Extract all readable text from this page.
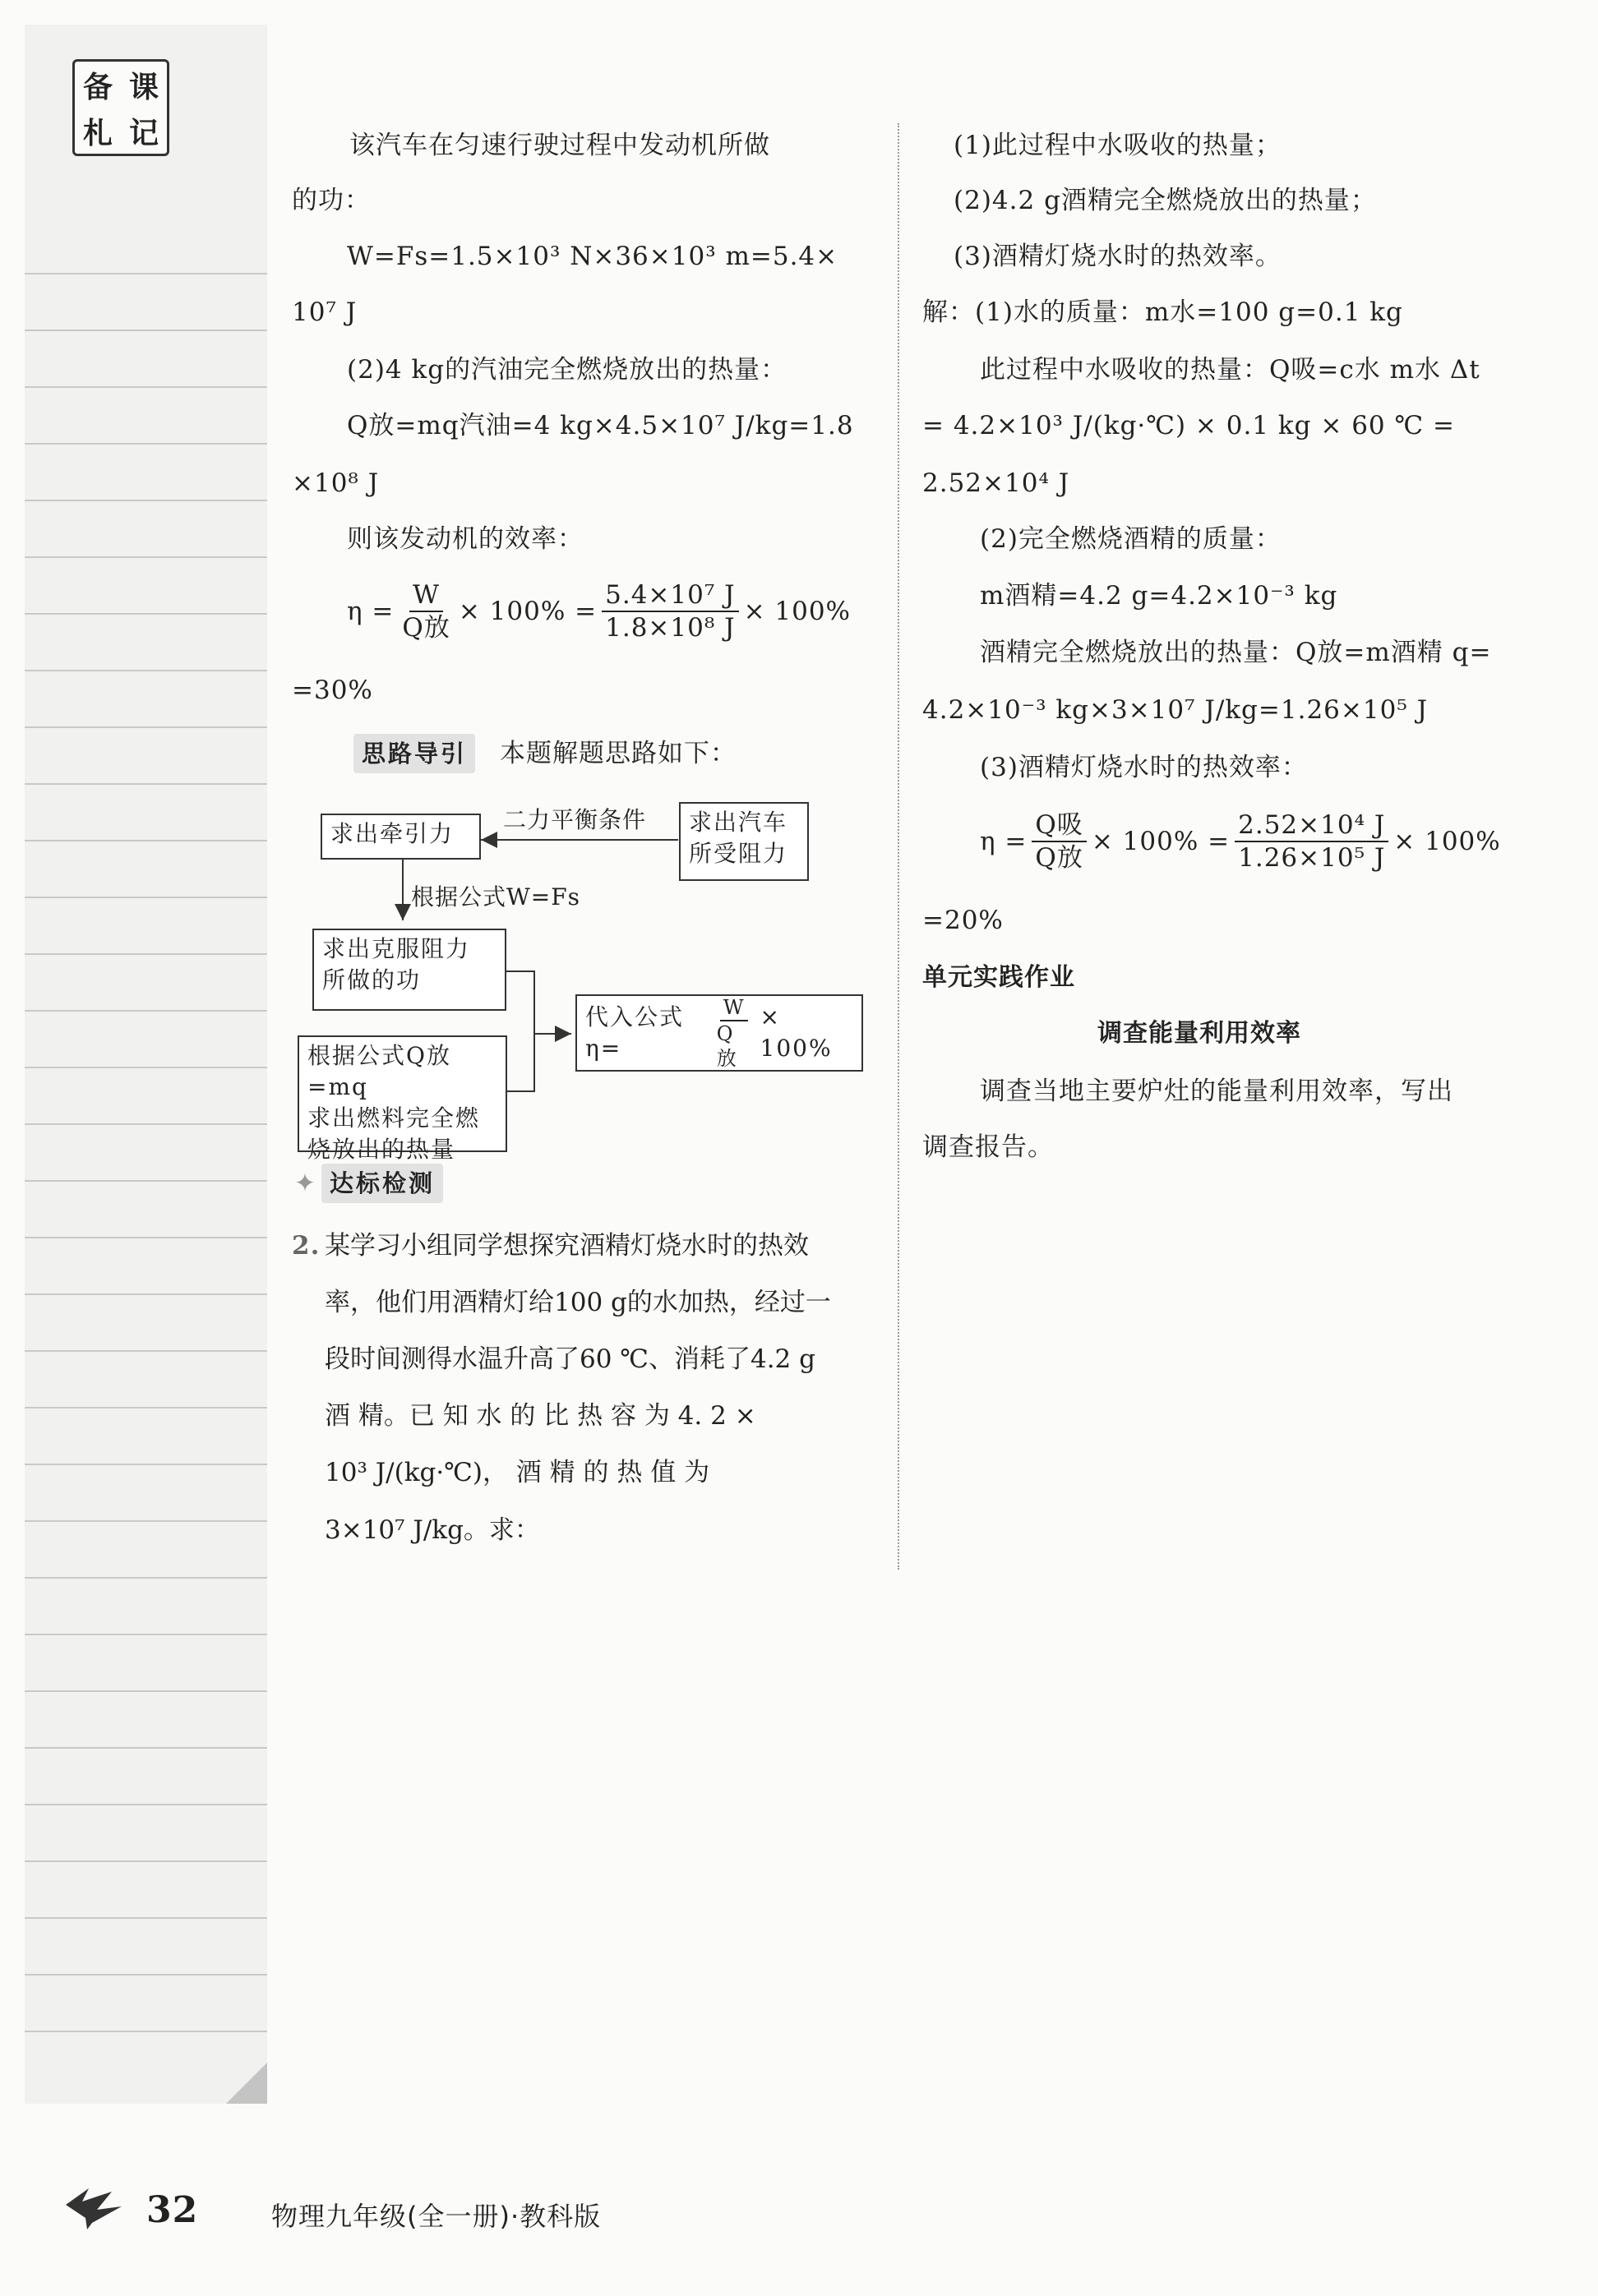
备 课
札 记	该汽车在匀速行驶过程中发动机所做
的功：
W=Fs=1.5×10³ N×36×10³ m=5.4×
10⁷ J
(2)4 kg的汽油完全燃烧放出的热量：
Q放=mq汽油=4 kg×4.5×10⁷ J/kg=1.8
×10⁸ J
则该发动机的效率：
$\eta = \frac{W}{\text{Q放}} \times 100\% = \frac{\text{5.4×10⁷ J}}{\text{1.8×10⁸ J}} \times 100\%$
=30%
思路导引	本题解题思路如下：
求出牵引力
二力平衡条件 求出汽车
所受阻力
根据公式W=Fs
求出克服阻力
所做的功
代入公式η=	$\frac{W}{\text{Q放}} \times 100\%$
根据公式Q放=mq
求出燃料完全燃
烧放出的热量
✦ 达标检测
2. 某学习小组同学想探究酒精灯烧水时的热效
率，他们用酒精灯给100 g的水加热，经过一
段时间测得水温升高了60 ℃、消耗了4.2 g
酒 精。已 知 水 的 比 热 容 为 4. 2 ×
10³ J/(kg·℃)， 酒 精 的 热 值 为
3×10⁷ J/kg。求：
(1)此过程中水吸收的热量；
(2)4.2 g酒精完全燃烧放出的热量；
(3)酒精灯烧水时的热效率。
解：(1)水的质量：m水=100 g=0.1 kg
此过程中水吸收的热量：Q吸=c水 m水 Δt
= 4.2×10³ J/(kg·℃) × 0.1 kg × 60 ℃ =
2.52×10⁴ J
(2)完全燃烧酒精的质量：
m酒精=4.2 g=4.2×10⁻³ kg
酒精完全燃烧放出的热量：Q放=m酒精 q=
4.2×10⁻³ kg×3×10⁷ J/kg=1.26×10⁵ J
(3)酒精灯烧水时的热效率：
$\eta = \frac{\text{Q吸}}{\text{Q放}} \times 100\% = \frac{\text{2.52×10⁴ J}}{\text{1.26×10⁵ J}} \times 100\%$
=20%
单元实践作业
调查能量利用效率
调查当地主要炉灶的能量利用效率，写出
调查报告。
32	物理九年级(全一册)·教科版
